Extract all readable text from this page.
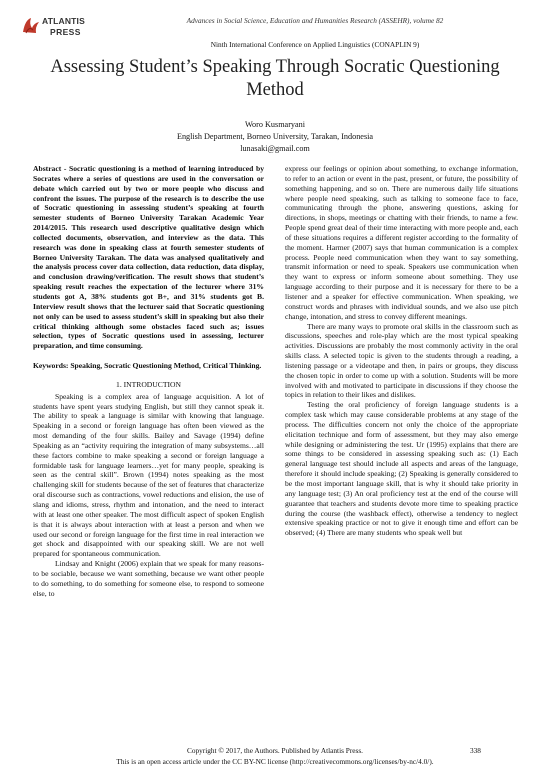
ATLANTIS
PRESS
Advances in Social Science, Education and Humanities Research (ASSEHR), volume 82
Ninth International Conference on Applied Linguistics (CONAPLIN 9)
Assessing Student’s Speaking Through Socratic Questioning Method
Woro Kusmaryani
English Department, Borneo University, Tarakan, Indonesia
lunasaki@gmail.com

Abstract - Socratic questioning is a method of learning introduced by Socrates where a series of questions are used in the conversation or debate which carried out by two or more people who discuss and confront the issues. The purpose of the research is to describe the use of Socratic questioning in assessing student’s speaking at fourth semester students of Borneo University Tarakan Academic Year 2014/2015. This research used descriptive qualitative design which collected documents, observation, and interview as the data. This research was done in speaking class at fourth semester students of Borneo University Tarakan. The data was analysed qualitatively and the analysis process cover data collection, data reduction, data display, and conclusion drawing/verification. The result shows that student’s speaking result reaches the expectation of the lecturer where 31% students got A, 38% students got B+, and 31% students got B. Interview result shows that the lecturer said that Socratic questioning not only can be used to assess student’s skill in speaking but also their critical thinking although some obstacles faced such as; issues selection, types of Socratic questions used in assessing, lecturer preparation, and time consuming.

Keywords: Speaking, Socratic Questioning Method, Critical Thinking.

1. INTRODUCTION

Speaking is a complex area of language acquisition. A lot of students have spent years studying English, but still they cannot speak it. The ability to speak a language is similar with knowing that language. Speaking in a second or foreign language has often been viewed as the most demanding of the four skills. Bailey and Savage (1994) define Speaking as an “activity requiring the integration of many subsystems…all these factors combine to make speaking a second or foreign language a formidable task for language learners…yet for many people, speaking is seen as the central skill”. Brown (1994) notes speaking as the most challenging skill for students because of the set of features that characterize oral discourse such as contractions, vowel reductions and elision, the use of slang and idioms, stress, rhythm and intonation, and the need to interact with at least one other speaker. The most difficult aspect of spoken English is that it is always about interaction with at least a person and when we used our second or foreign language for the first time in real interaction we get shock and disappointed with our speaking skill. We are not well prepared for spontaneous communication.

Lindsay and Knight (2006) explain that we speak for many reasons- to be sociable, because we want something, because we want other people to do something, to do something for someone else, to respond to someone else, to

express our feelings or opinion about something, to exchange information, to refer to an action or event in the past, present, or future, the possibility of something happening, and so on. There are numerous daily life situations where people need speaking, such as talking to someone face to face, communicating through the phone, answering questions, asking for directions, in shops, meetings or chatting with their friends, to name a few. People spend great deal of their time interacting with more people and, each of these situations requires a different register according to the formality of the moment. Harmer (2007) says that human communication is a complex process. People need communication when they want to say something, transmit information or need to speak. Speakers use communication when they want to express or inform someone about something. They use language according to their purpose and it is necessary for there to be a listener and a speaker for effective communication. When speaking, we construct words and phrases with individual sounds, and we also use pitch change, intonation, and stress to convey different meanings.

There are many ways to promote oral skills in the classroom such as discussions, speeches and role-play which are the most typical speaking activities. Discussions are probably the most commonly activity in the oral skills class. A selected topic is given to the students through a reading, a listening passage or a videotape and then, in pairs or groups, they discuss the chosen topic in order to come up with a solution. Students will be more involved with and motivated to participate in discussions if they choose the topics in relation to their likes and dislikes.

Testing the oral proficiency of foreign language students is a complex task which may cause considerable problems at any stage of the process. The difficulties concern not only the choice of the appropriate elicitation technique and form of assessment, but they may also emerge while designing or administering the test. Ur (1995) explains that there are some things to be considered in assessing speaking such as: (1) Each general language test should include all aspects and areas of the language, therefore it should include speaking; (2) Speaking is generally considered to be the most important language skill, that is why it should take priority in any language test; (3) An oral proficiency test at the end of the course will guarantee that teachers and students devote more time to speaking practice during the course (the washback effect), otherwise a tendency to neglect extensive speaking practice or not to give it enough time and effort can be observed; (4) There are many students who speak well but

Copyright © 2017, the Authors. Published by Atlantis Press.	338
This is an open access article under the CC BY-NC license (http://creativecommons.org/licenses/by-nc/4.0/).
